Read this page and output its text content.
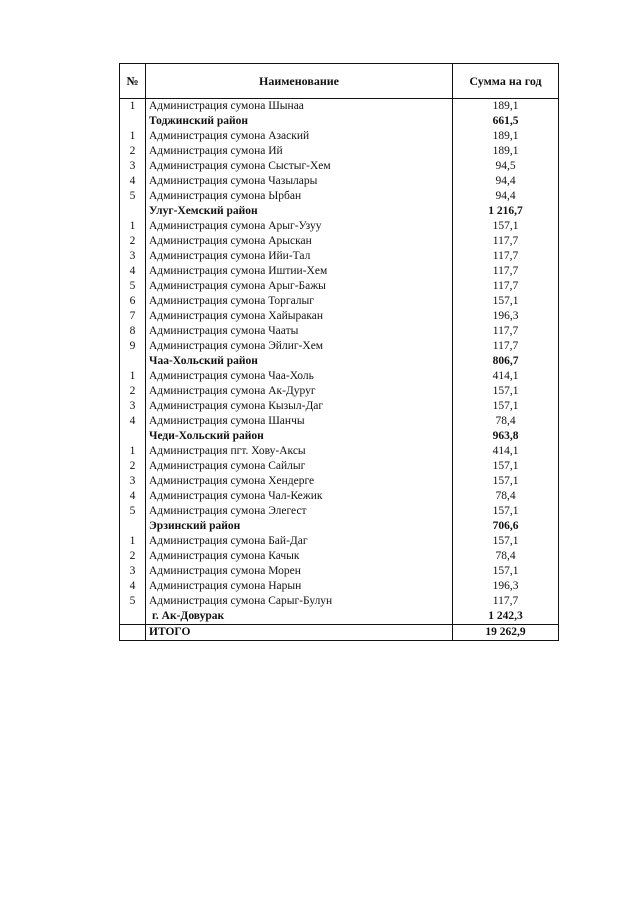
№	Наименование	Сумма на год
1	Администрация сумона Шынаа	189,1
	Тоджинский район	661,5
1	Администрация сумона Азаский	189,1
2	Администрация сумона Ий	189,1
3	Администрация сумона Сыстыг-Хем	94,5
4	Администрация сумона Чазылары	94,4
5	Администрация сумона Ырбан	94,4
	Улуг-Хемский район	1 216,7
1	Администрация сумона Арыг-Узуу	157,1
2	Администрация сумона Арыскан	117,7
3	Администрация сумона Ийи-Тал	117,7
4	Администрация сумона Иштии-Хем	117,7
5	Администрация сумона Арыг-Бажы	117,7
6	Администрация сумона Торгалыг	157,1
7	Администрация сумона Хайыракан	196,3
8	Администрация сумона Чааты	117,7
9	Администрация сумона Эйлиг-Хем	117,7
	Чаа-Хольский район	806,7
1	Администрация сумона Чаа-Холь	414,1
2	Администрация сумона Ак-Дуруг	157,1
3	Администрация сумона Кызыл-Даг	157,1
4	Администрация сумона Шанчы	78,4
	Чеди-Хольский район	963,8
1	Администрация пгт. Хову-Аксы	414,1
2	Администрация сумона Сайлыг	157,1
3	Администрация сумона Хендерге	157,1
4	Администрация сумона Чал-Кежик	78,4
5	Администрация сумона Элегест	157,1
	Эрзинский район	706,6
1	Администрация сумона Бай-Даг	157,1
2	Администрация сумона Качык	78,4
3	Администрация сумона Морен	157,1
4	Администрация сумона Нарын	196,3
5	Администрация сумона Сарыг-Булун	117,7
	г. Ак-Довурак	1 242,3
	ИТОГО	19 262,9
